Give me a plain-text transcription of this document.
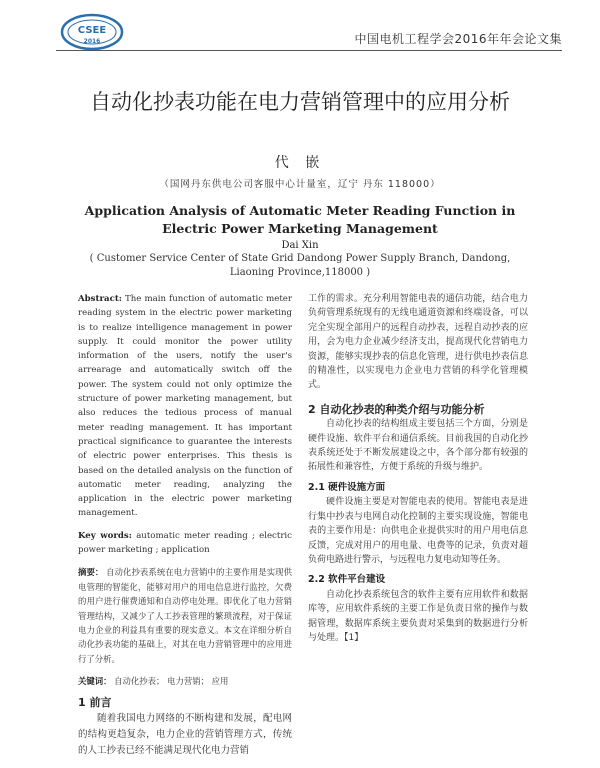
CSEE
2016	中国电机工程学会2016年年会论文集
自动化抄表功能在电力营销管理中的应用分析
代 嵌
（国网丹东供电公司客服中心计量室，辽宁 丹东 118000）
Application Analysis of Automatic Meter Reading Function in Electric Power Marketing Management
Dai Xin
( Customer Service Center of State Grid Dandong Power Supply Branch, Dandong, Liaoning Province,118000 )
Abstract: The main function of automatic meter reading system in the electric power marketing is to realize intelligence management in power supply. It could monitor the power utility information of the users, notify the user's arrearage and automatically switch off the power. The system could not only optimize the structure of power marketing management, but also reduces the tedious process of manual meter reading management. It has important practical significance to guarantee the interests of electric power enterprises. This thesis is based on the detailed analysis on the function of automatic meter reading, analyzing the application in the electric power marketing management.
Key words: automatic meter reading ; electric power marketing ; application
摘要： 自动化抄表系统在电力营销中的主要作用是实现供电管理的智能化，能够对用户的用电信息进行监控，欠费的用户进行催费通知和自动停电处理。即优化了电力营销管理结构，又减少了人工抄表管理的繁琐流程，对于保证电力企业的利益具有重要的现实意义。本文在详细分析自动化抄表功能的基础上，对其在电力营销管理中的应用进行了分析。
关键词： 自动化抄表； 电力营销； 应用
1 前言
随着我国电力网络的不断构建和发展，配电网的结构更趋复杂，电力企业的营销管理方式，传统的人工抄表已经不能满足现代化电力营销
工作的需求。充分利用智能电表的通信功能，结合电力负荷管理系统现有的无线电通道资源和终端设备，可以完全实现全部用户的远程自动抄表，远程自动抄表的应用，会为电力企业减少经济支出，提高现代化营销电力资源，能够实现抄表的信息化管理，进行供电抄表信息的精准性，以实现电力企业电力营销的科学化管理模式。
2 自动化抄表的种类介绍与功能分析
自动化抄表的结构组成主要包括三个方面，分别是硬件设施、软件平台和通信系统。目前我国的自动化抄表系统还处于不断发展建设之中，各个部分都有较强的拓展性和兼容性，方便于系统的升级与维护。
2.1 硬件设施方面
硬件设施主要是对智能电表的使用。智能电表是进行集中抄表与电网自动化控制的主要实现设施，智能电表的主要作用是：向供电企业提供实时的用户用电信息反馈，完成对用户的用电量、电费等的记录，负责对超负荷电路进行警示，与远程电力复电动知等任务。
2.2 软件平台建设
自动化抄表系统包含的软件主要有应用软件和数据库等，应用软件系统的主要工作是负责日常的操作与数据管理，数据库系统主要负责对采集到的数据进行分析与处理。【1】
